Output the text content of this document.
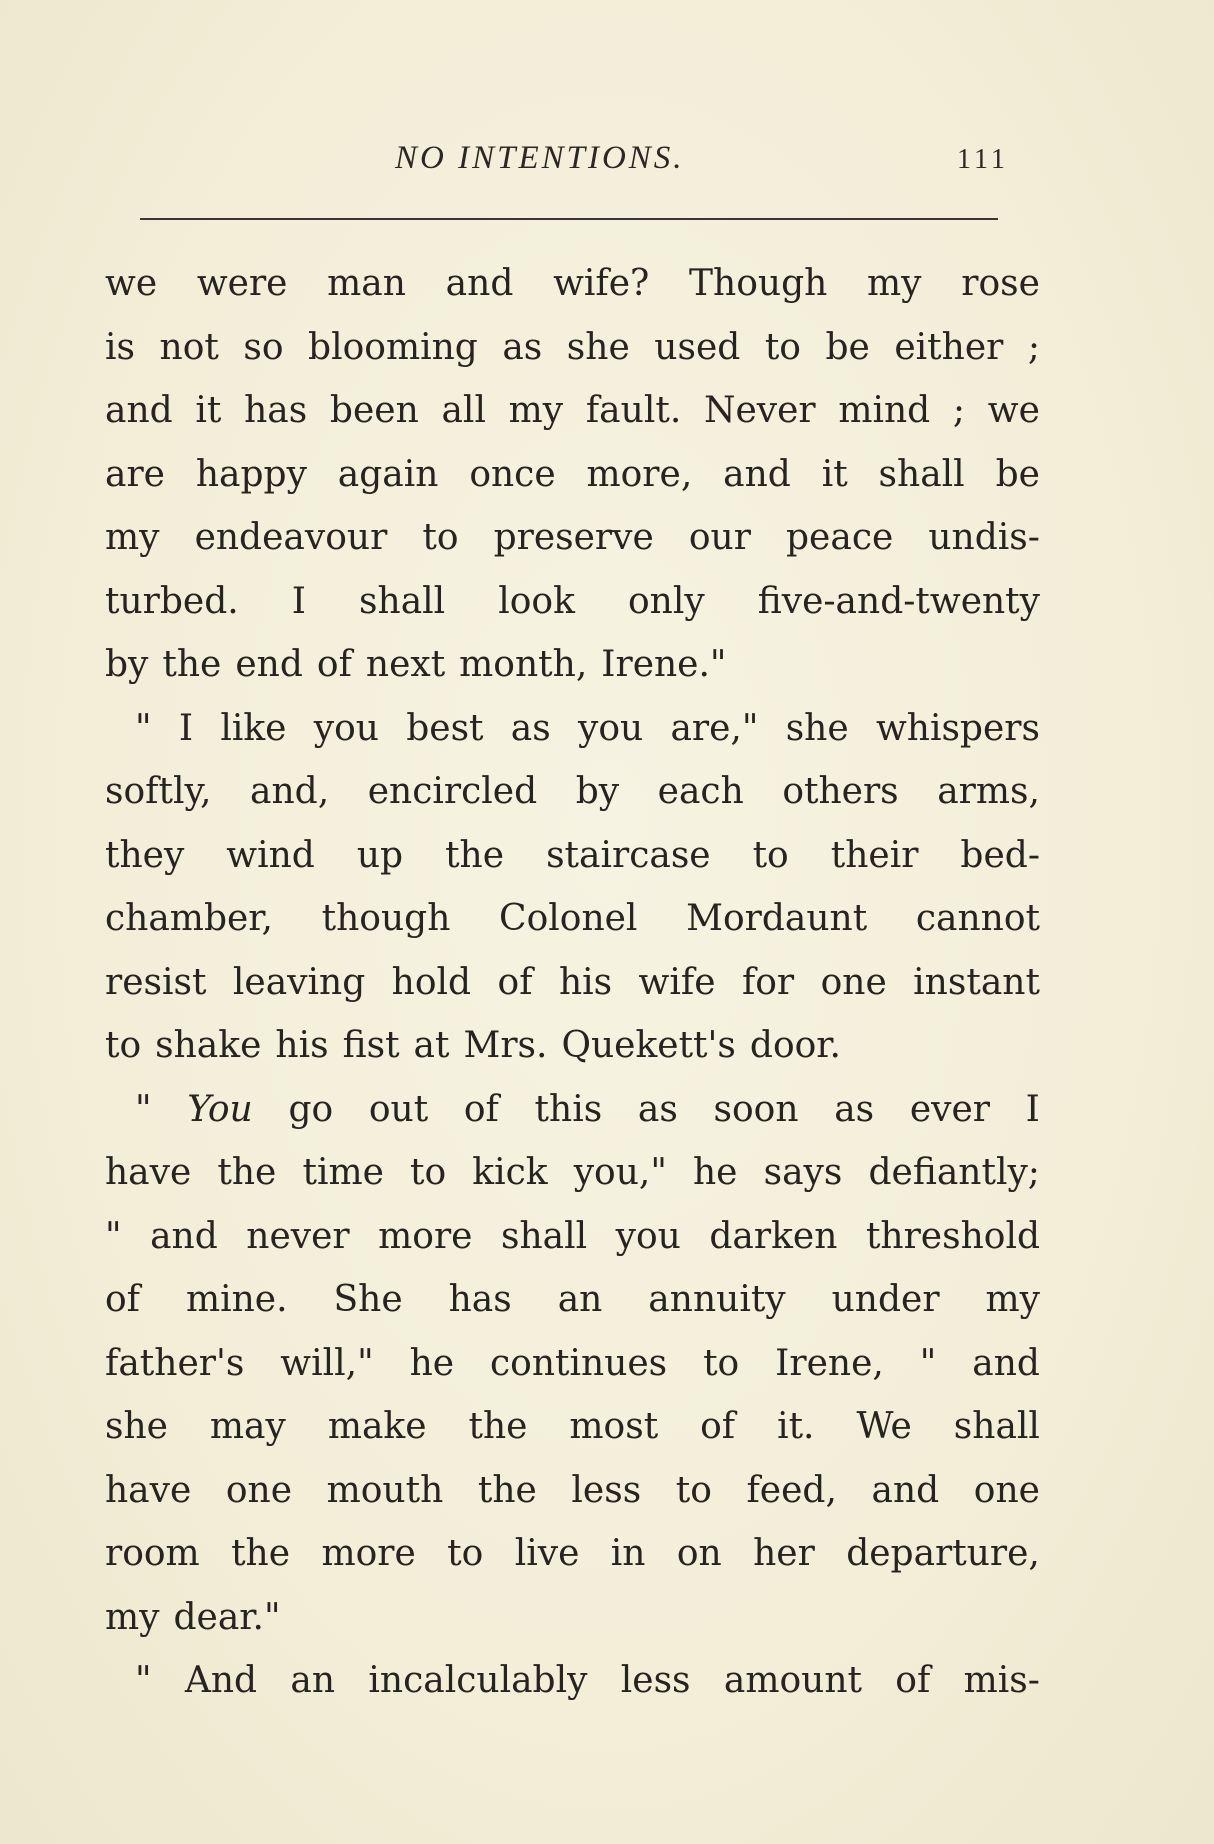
NO INTENTIONS.	111
we were man and wife? Though my rose
is not so blooming as she used to be either ;
and it has been all my fault. Never mind ; we
are happy again once more, and it shall be
my endeavour to preserve our peace undis-
turbed. I shall look only five-and-twenty
by the end of next month, Irene."
" I like you best as you are," she whispers
softly, and, encircled by each others arms,
they wind up the staircase to their bed-
chamber, though Colonel Mordaunt cannot
resist leaving hold of his wife for one instant
to shake his fist at Mrs. Quekett's door.
" You go out of this as soon as ever I
have the time to kick you," he says defiantly;
" and never more shall you darken threshold
of mine. She has an annuity under my
father's will," he continues to Irene, " and
she may make the most of it. We shall
have one mouth the less to feed, and one
room the more to live in on her departure,
my dear."
" And an incalculably less amount of mis-
